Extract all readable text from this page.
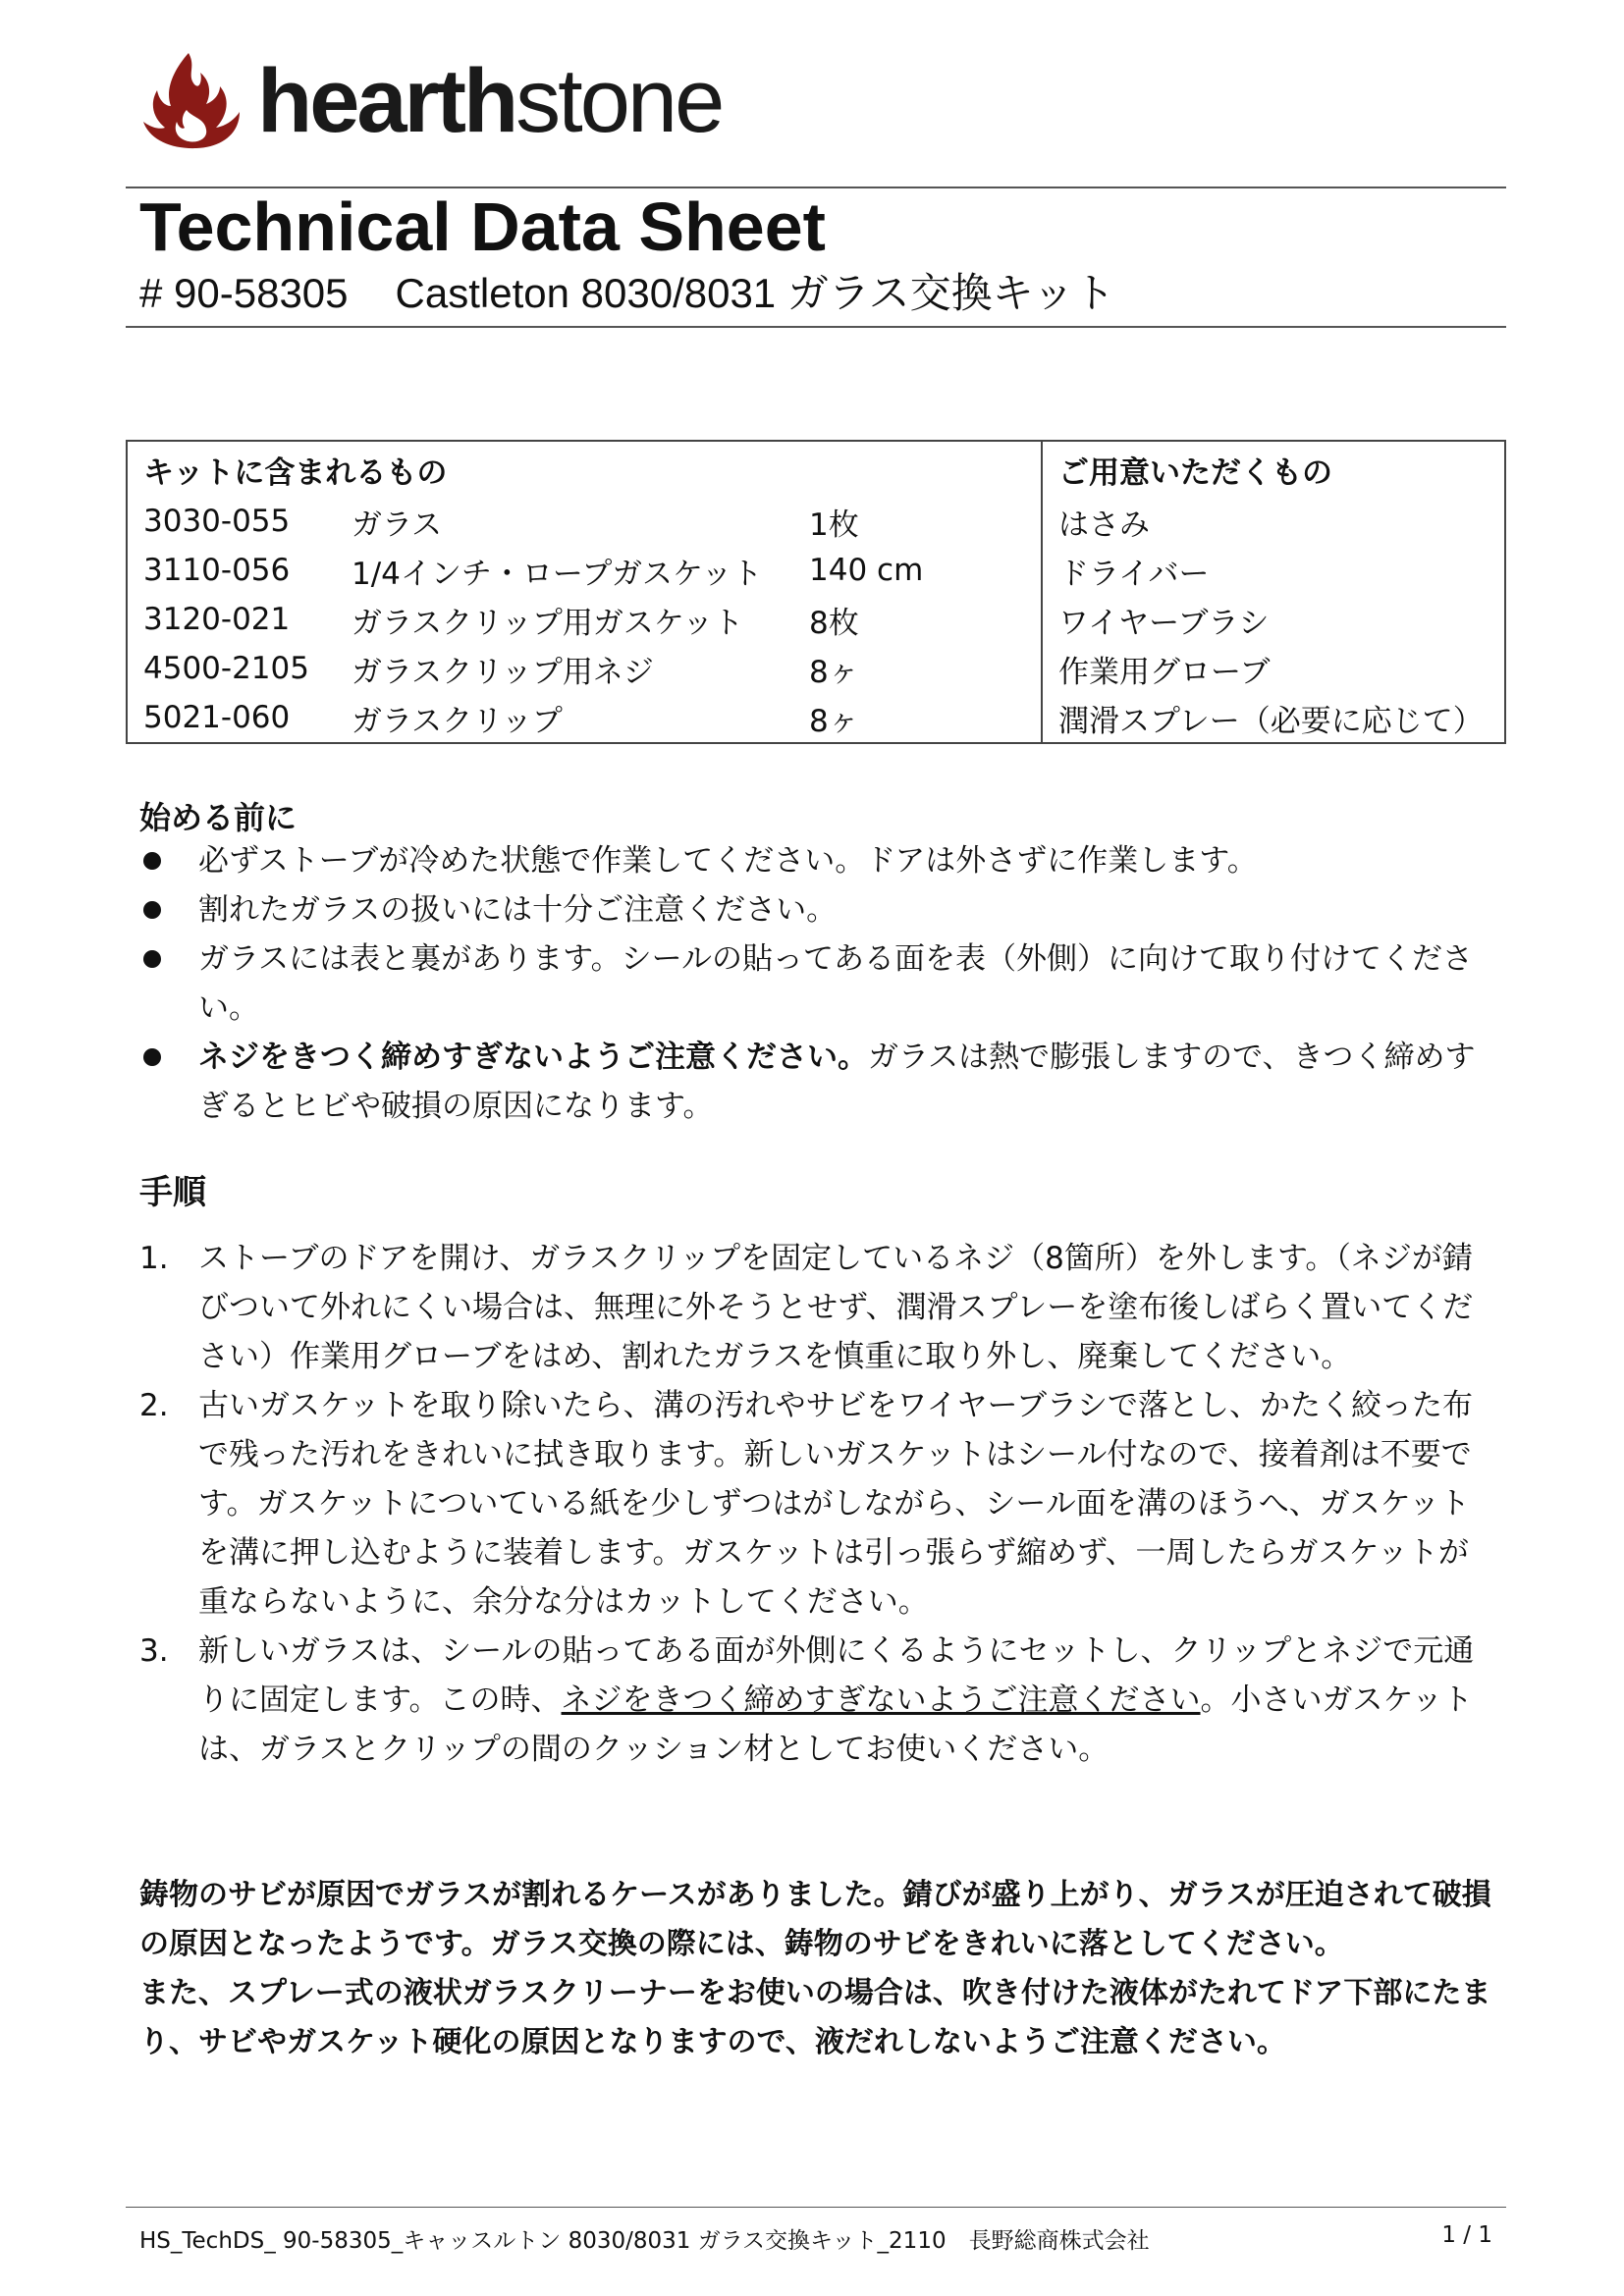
hearthstone
Technical Data Sheet
# 90-58305 Castleton 8030/8031 ガラス交換キット
キットに含まれるもの			ご用意いただくもの
3030-055	ガラス	1枚	はさみ
3110-056	1/4インチ・ロープガスケット	140 cm	ドライバー
3120-021	ガラスクリップ用ガスケット	8枚	ワイヤーブラシ
4500-2105	ガラスクリップ用ネジ	8ヶ	作業用グローブ
5021-060	ガラスクリップ	8ヶ	潤滑スプレー（必要に応じて）
始める前に
必ずストーブが冷めた状態で作業してください。ドアは外さずに作業します。
割れたガラスの扱いには十分ご注意ください。
ガラスには表と裏があります。シールの貼ってある面を表（外側）に向けて取り付けてください。
ネジをきつく締めすぎないようご注意ください。ガラスは熱で膨張しますので、きつく締めすぎるとヒビや破損の原因になります。
手順
1. ストーブのドアを開け、ガラスクリップを固定しているネジ（8箇所）を外します。（ネジが錆びついて外れにくい場合は、無理に外そうとせず、潤滑スプレーを塗布後しばらく置いてください）作業用グローブをはめ、割れたガラスを慎重に取り外し、廃棄してください。
2. 古いガスケットを取り除いたら、溝の汚れやサビをワイヤーブラシで落とし、かたく絞った布で残った汚れをきれいに拭き取ります。新しいガスケットはシール付なので、接着剤は不要です。ガスケットについている紙を少しずつはがしながら、シール面を溝のほうへ、ガスケットを溝に押し込むように装着します。ガスケットは引っ張らず縮めず、一周したらガスケットが重ならないように、余分な分はカットしてください。
3. 新しいガラスは、シールの貼ってある面が外側にくるようにセットし、クリップとネジで元通りに固定します。この時、ネジをきつく締めすぎないようご注意ください。小さいガスケットは、ガラスとクリップの間のクッション材としてお使いください。

鋳物のサビが原因でガラスが割れるケースがありました。錆びが盛り上がり、ガラスが圧迫されて破損の原因となったようです。ガラス交換の際には、鋳物のサビをきれいに落としてください。

また、スプレー式の液状ガラスクリーナーをお使いの場合は、吹き付けた液体がたれてドア下部にたまり、サビやガスケット硬化の原因となりますので、液だれしないようご注意ください。

HS_TechDS_ 90-58305_キャッスルトン 8030/8031 ガラス交換キット_2110　長野総商株式会社	1 / 1
